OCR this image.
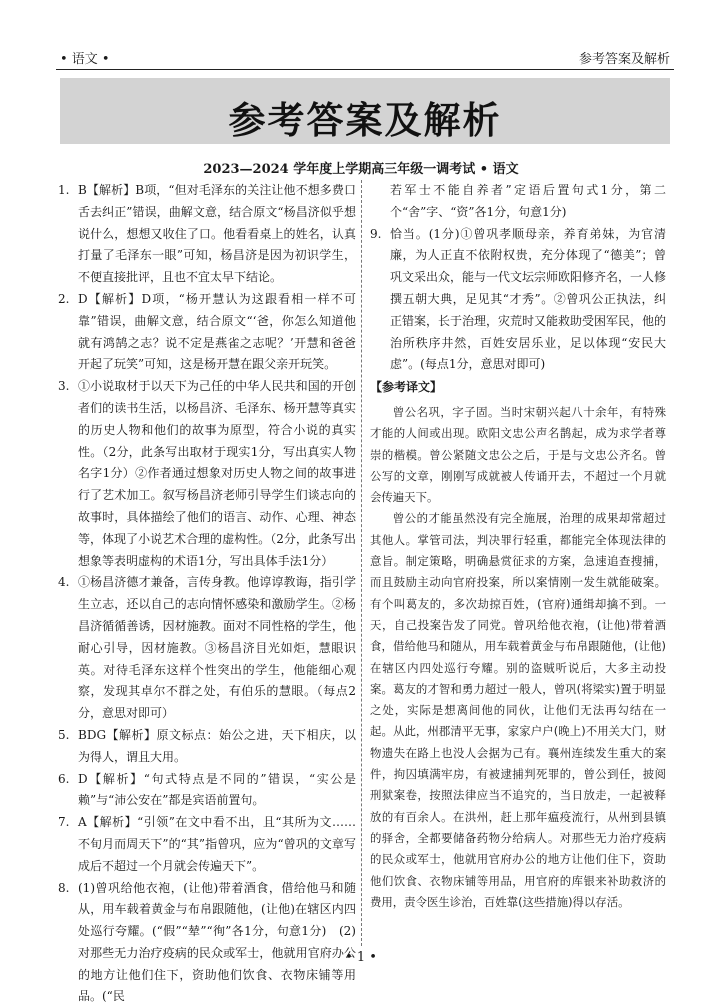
• 语文 •	参考答案及解析
参考答案及解析
2023—2024 学年度上学期高三年级一调考试 • 语文
1. B【解析】B项，“但对毛泽东的关注让他不想多费口舌去纠正”错误，曲解文意，结合原文“杨昌济似乎想说什么，想想又收住了口。他看看桌上的姓名，认真打量了毛泽东一眼”可知，杨昌济是因为初识学生，不便直接批评，且也不宜太早下结论。
2. D【解析】D项，“杨开慧认为这跟看相一样不可靠”错误，曲解文意，结合原文“‘爸，你怎么知道他就有鸿鹄之志？说不定是燕雀之志呢？’开慧和爸爸开起了玩笑”可知，这是杨开慧在跟父亲开玩笑。
3. ①小说取材于以天下为己任的中华人民共和国的开创者们的读书生活，以杨昌济、毛泽东、杨开慧等真实的历史人物和他们的故事为原型，符合小说的真实性。（2分，此条写出取材于现实1分，写出真实人物名字1分）②作者通过想象对历史人物之间的故事进行了艺术加工。叙写杨昌济老师引导学生们谈志向的故事时，具体描绘了他们的语言、动作、心理、神态等，体现了小说艺术合理的虚构性。（2分，此条写出想象等表明虚构的术语1分，写出具体手法1分）
4. ①杨昌济德才兼备，言传身教。他谆谆教诲，指引学生立志，还以自己的志向情怀感染和激励学生。②杨昌济循循善诱，因材施教。面对不同性格的学生，他耐心引导，因材施教。③杨昌济目光如炬，慧眼识英。对待毛泽东这样个性突出的学生，他能细心观察，发现其卓尔不群之处，有伯乐的慧眼。（每点2分，意思对即可）
5. BDG【解析】原文标点：始公之进，天下相庆，以为得人，谓且大用。
6. D【解析】“句式特点是不同的”错误，“实公是赖”与“沛公安在”都是宾语前置句。
7. A【解析】“引领”在文中看不出，且“其所为文……不旬月而周天下”的“其”指曾巩，应为“曾巩的文章写成后不超过一个月就会传遍天下”。
8. (1)曾巩给他衣袍，(让他)带着酒食，借给他马和随从，用车载着黄金与布帛跟随他，(让他)在辖区内四处巡行夸耀。(“假”“辇”“徇”各1分，句意1分)　(2)对那些无力治疗疫病的民众或军士，他就用官府办公的地方让他们住下，资助他们饮食、衣物床铺等用品。(“民
若军士不能自养者”定语后置句式1分，第二个“舍”字、“资”各1分，句意1分)
9. 恰当。(1分)①曾巩孝顺母亲，养育弟妹，为官清廉，为人正直不依附权贵，充分体现了“德美”；曾巩文采出众，能与一代文坛宗师欧阳修齐名，一人修撰五朝大典，足见其“才秀”。②曾巩公正执法，纠正错案，长于治理，灾荒时又能救助受困军民，他的治所秩序井然，百姓安居乐业，足以体现“安民大虑”。(每点1分，意思对即可)
【参考译文】
曾公名巩，字子固。当时宋朝兴起八十余年，有特殊才能的人间或出现。欧阳文忠公声名鹊起，成为求学者尊崇的楷模。曾公紧随文忠公之后，于是与文忠公齐名。曾公写的文章，刚刚写成就被人传诵开去，不超过一个月就会传遍天下。
曾公的才能虽然没有完全施展，治理的成果却常超过其他人。掌管司法，判决罪行轻重，都能完全体现法律的意旨。制定策略，明确悬赏征求的方案，急速追查搜捕，而且鼓励主动向官府投案，所以案情刚一发生就能破案。有个叫葛友的，多次劫掠百姓，(官府)通缉却擒不到。一天，自己投案告发了同党。曾巩给他衣袍，(让他)带着酒食，借给他马和随从，用车载着黄金与布帛跟随他，(让他)在辖区内四处巡行夸耀。别的盗贼听说后，大多主动投案。葛友的才智和勇力超过一般人，曾巩(将梁实)置于明显之处，实际是想离间他的同伙，让他们无法再勾结在一起。从此，州郡清平无事，家家户户(晚上)不用关大门，财物遗失在路上也没人会据为己有。襄州连续发生重大的案件，拘囚填满牢房，有被逮捕判死罪的，曾公到任，披阅刑狱案卷，按照法律应当不追究的，当日放走，一起被释放的有百余人。在洪州，赶上那年瘟疫流行，从州到县镇的驿舍，全都要储备药物分给病人。对那些无力治疗疫病的民众或军士，他就用官府办公的地方让他们住下，资助他们饮食、衣物床铺等用品，用官府的库银来补助救济的费用，责令医生诊治，百姓靠(这些措施)得以存活。
• 1 •
